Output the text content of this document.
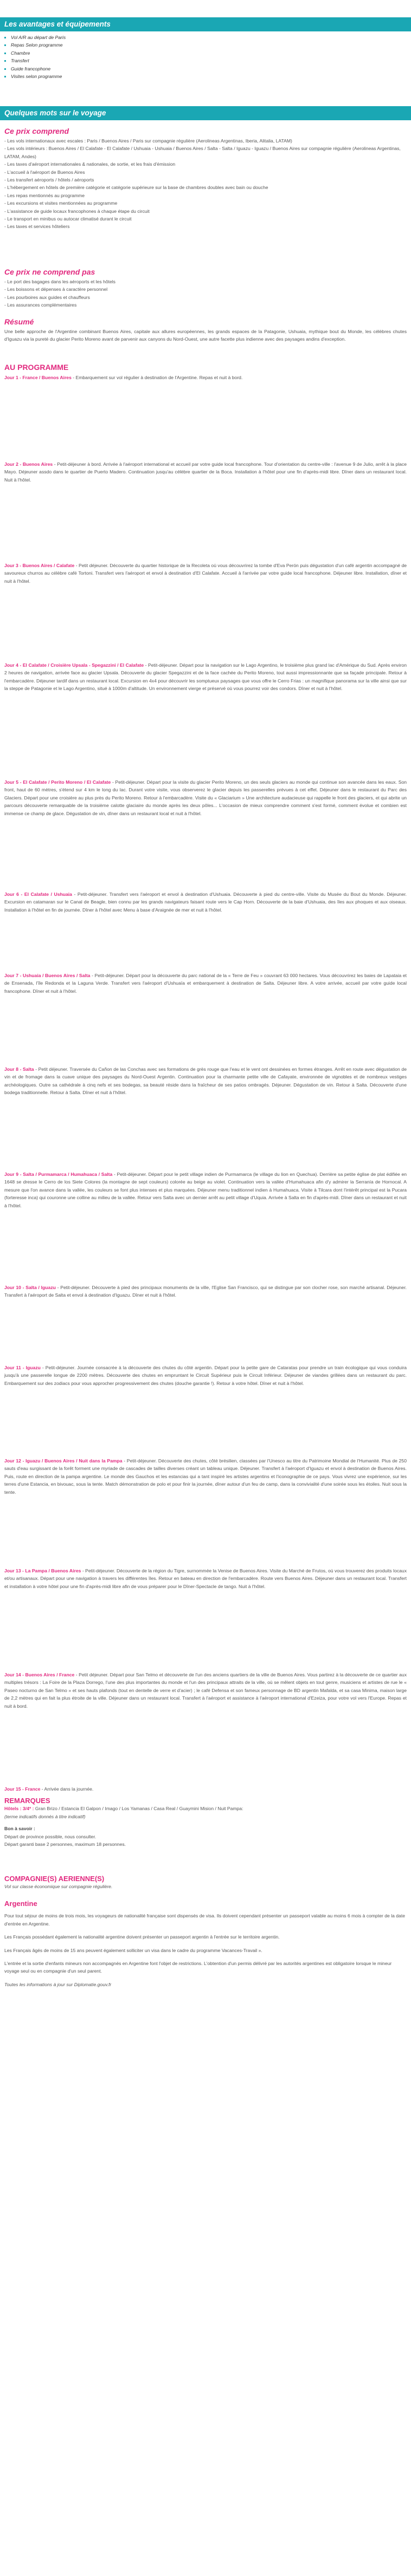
Les avantages et équipements
▪ Vol A/R au départ de Paris
▪ Repas Selon programme
▪ Chambre
▪ Transfert
▪ Guide francophone
▪ Visites selon programme
Quelques mots sur le voyage
Ce prix comprend
- Les vols internationaux avec escales : Paris / Buenos Aires / Paris sur compagnie régulière (Aerolineas Argentinas, Iberia, Alitalia, LATAM)
- Les vols intérieurs : Buenos Aires / El Calafate - El Calafate / Ushuaia - Ushuaia / Buenos Aires / Salta - Salta / Iguazu - Iguazu / Buenos Aires sur compagnie régulière (Aerolineas Argentinas, LATAM, Andes)
- Les taxes d'aéroport internationales & nationales, de sortie, et les frais d'émission
- L'accueil à l'aéroport de Buenos Aires
- Les transfert aéroports / hôtels / aéroports
- L'hébergement en hôtels de première catégorie et catégorie supérieure sur la base de chambres doubles avec bain ou douche
- Les repas mentionnés au programme
- Les excursions et visites mentionnées au programme
- L'assistance de guide locaux francophones à chaque étape du circuit
- Le transport en minibus ou autocar climatisé durant le circuit
- Les taxes et services hôteliers
Ce prix ne comprend pas
- Le port des bagages dans les aéroports et les hôtels
- Les boissons et dépenses à caractère personnel
- Les pourboires aux guides et chauffeurs
- Les assurances complémentaires
Résumé

Une belle approche de l'Argentine combinant Buenos Aires, capitale aux allures européennes, les grands espaces de la Patagonie, Ushuaia, mythique bout du Monde, les célèbres chutes d'Iguazu via la pureté du glacier Perito Moreno avant de parvenir aux canyons du Nord-Ouest, une autre facette plus indienne avec des paysages andins d'exception.

AU PROGRAMME
Jour 1 - France / Buenos Aires - Embarquement sur vol régulier à destination de l'Argentine. Repas et nuit à bord.
Jour 2 - Buenos Aires - Petit-déjeuner à bord. Arrivée à l'aéroport international et accueil par votre guide local francophone. Tour d'orientation du centre-ville : l'avenue 9 de Julio, arrêt à la place Mayo. Déjeuner assdo dans le quartier de Puerto Madero. Continuation jusqu'au célèbre quartier de la Boca. Installation à l'hôtel pour une fin d'après-midi libre. Dîner dans un restaurant local. Nuit à l'hôtel.
Jour 3 - Buenos Aires / Calafate - Petit déjeuner. Découverte du quartier historique de la Recoleta où vous découvrirez la tombe d'Eva Perón puis dégustation d'un café argentin accompagné de savoureux churros au célèbre café Tortoni. Transfert vers l'aéroport et envol à destination d'El Calafate. Accueil à l'arrivée par votre guide local francophone. Déjeuner libre. Installation, dîner et nuit à l'hôtel.
Jour 4 - El Calafate / Croisière Upsala - Spegazzini / El Calafate - Petit-déjeuner. Départ pour la navigation sur le Lago Argentino, le troisième plus grand lac d'Amérique du Sud. Après environ 2 heures de navigation, arrivée face au glacier Upsala. Découverte du glacier Spegazzini et de la face cachée du Perito Moreno, tout aussi impressionnante que sa façade principale. Retour à l'embarcadère. Déjeuner tardif dans un restaurant local. Excursion en 4x4 pour découvrir les somptueux paysages que vous offre le Cerro Frias : un magnifique panorama sur la ville ainsi que sur la steppe de Patagonie et le Lago Argentino, situé à 1000m d'altitude. Un environnement vierge et préservé où vous pourrez voir des condors. Dîner et nuit à l'hôtel.
Jour 5 - El Calafate / Perito Moreno / El Calafate - Petit-déjeuner. Départ pour la visite du glacier Perito Moreno, un des seuls glaciers au monde qui continue son avancée dans les eaux. Son front, haut de 60 mètres, s'étend sur 4 km le long du lac. Durant votre visite, vous observerez le glacier depuis les passerelles prévues à cet effet. Déjeuner dans le restaurant du Parc des Glaciers. Départ pour une croisière au plus près du Perito Moreno. Retour à l'embarcadère. Visite du « Glaciarium » Une architecture audacieuse qui rappelle le front des glaciers, et qui abrite un parcours découverte remarquable de la troisième calotte glaciaire du monde après les deux pôles... L'occasion de mieux comprendre comment s'est formé, comment évolue et combien est immense ce champ de glace. Dégustation de vin, dîner dans un restaurant local et nuit à l'hôtel.
Jour 6 - El Calafate / Ushuaia - Petit-déjeuner. Transfert vers l'aéroport et envol à destination d'Ushuaia. Découverte à pied du centre-ville. Visite du Musée du Bout du Monde. Déjeuner. Excursion en catamaran sur le Canal de Beagle, bien connu par les grands navigateurs faisant route vers le Cap Horn. Découverte de la baie d'Ushuaia, des îles aux phoques et aux oiseaux. Installation à l'hôtel en fin de journée. Dîner à l'hôtel avec Menu à base d'Araignée de mer et nuit à l'hôtel.
Jour 7 - Ushuaia / Buenos Aires / Salta - Petit-déjeuner. Départ pour la découverte du parc national de la « Terre de Feu » couvrant 63 000 hectares. Vous découvrirez les baies de Lapataia et de Ensenada, l'île Redonda et la Laguna Verde. Transfert vers l'aéroport d'Ushuaïa et embarquement à destination de Salta. Déjeuner libre. A votre arrivée, accueil par votre guide local francophone. Dîner et nuit à l'hôtel.
Jour 8 - Salta - Petit déjeuner. Traversée du Cañon de las Conchas avec ses formations de grès rouge que l'eau et le vent ont dessinées en formes étranges. Arrêt en route avec dégustation de vin et de fromage dans la cuave unique des paysages du Nord-Ouest Argentin. Continuation pour la charmante petite ville de Cafayate, environnée de vignobles et de nombreux vestiges archéologiques. Outre sa cathédrale à cinq nefs et ses bodegas, sa beauté réside dans la fraîcheur de ses patios ombragés. Déjeuner. Dégustation de vin. Retour à Salta. Découverte d'une bodega traditionnelle. Retour à Salta. Dîner et nuit à l'hôtel.
Jour 9 - Salta / Purmamarca / Humahuaca / Salta - Petit-déjeuner. Départ pour le petit village indien de Purmamarca (le village du lion en Quechua). Derrière sa petite église de plat édifiée en 1648 se dresse le Cerro de los Siete Colores (la montagne de sept couleurs) colorée au beige au violet. Continuation vers la vallée d'Humahuaca afin d'y admirer la Serranía de Hornocal. A mesure que l'on avance dans la vallée, les couleurs se font plus intenses et plus marquées. Déjeuner menu traditionnel indien à Humahuaca. Visite à Tilcara dont l'intérêt principal est la Pucara (forteresse inca) qui couronne une colline au milieu de la vallée. Retour vers Salta avec un dernier arrêt au petit village d'Uquia. Arrivée à Salta en fin d'après-midi. Dîner dans un restaurant et nuit à l'hôtel.
Jour 10 - Salta / Iguazu - Petit-déjeuner. Découverte à pied des principaux monuments de la ville, l'Eglise San Francisco, qui se distingue par son clocher rose, son marché artisanal. Déjeuner. Transfert à l'aéroport de Salta et envol à destination d'Iguazu. Dîner et nuit à l'hôtel.
Jour 11 - Iguazu - Petit-déjeuner. Journée consacrée à la découverte des chutes du côté argentin. Départ pour la petite gare de Cataratas pour prendre un train écologique qui vous conduira jusqu'à une passerelle longue de 2200 mètres. Découverte des chutes en empruntant le Circuit Supérieur puis le Circuit Inférieur. Déjeuner de viandes grillées dans un restaurant du parc. Embarquement sur des zodiacs pour vous approcher progressivement des chutes (douche garantie !). Retour à votre hôtel. Dîner et nuit à l'hôtel.
Jour 12 - Iguazu / Buenos Aires / Nuit dans la Pampa - Petit-déjeuner. Découverte des chutes, côté brésilien, classées par l'Unesco au titre du Patrimoine Mondial de l'Humanité. Plus de 250 sauts d'eau surgissant de la forêt forment une myriade de cascades de tailles diverses créant un tableau unique. Déjeuner. Transfert à l'aéroport d'Iguazu et envol à destination de Buenos Aires. Puis, route en direction de la pampa argentine. Le monde des Gauchos et les estancias qui a tant inspiré les artistes argentins et l'iconographie de ce pays. Vous vivrez une expérience, sur les terres d'une Estancia, en bivouac, sous la tente. Match démonstration de polo et pour finir la journée, dîner autour d'un feu de camp, dans la convivialité d'une soirée sous les étoiles. Nuit sous la tente.
Jour 13 - La Pampa / Buenos Aires - Petit-déjeuner. Découverte de la région du Tigre, surnommée la Venise de Buenos Aires. Visite du Marché de Frutos, où vous trouverez des produits locaux et/ou artisanaux. Départ pour une navigation à travers les différentes îles. Retour en bateau en direction de l'embarcadère. Route vers Buenos Aires. Déjeuner dans un restaurant local. Transfert et installation à votre hôtel pour une fin d'après-midi libre afin de vous préparer pour le Dîner-Spectacle de tango. Nuit à l'hôtel.
Jour 14 - Buenos Aires / France - Petit déjeuner. Départ pour San Telmo et découverte de l'un des anciens quartiers de la ville de Buenos Aires. Vous partirez à la découverte de ce quartier aux multiples trésors : La Foire de la Plaza Dorrego, l'une des plus importantes du monde et l'un des principaux attraits de la ville, où se mêlent objets en tout genre, musiciens et artistes de rue le « Paseo nocturno de San Telmo » et ses hauts plafonds (tout en dentelle de verre et d'acier) ; le café Defensa et son fameux personnage de BD argentin Mafalda, et sa casa Minima, maison large de 2,2 mètres qui en fait la plus étroite de la ville. Déjeuner dans un restaurant local. Transfert à l'aéroport et assistance à l'aéroport international d'Ezeiza, pour votre vol vers l'Europe. Repas et nuit à bord.
Jour 15 - France - Arrivée dans la journée.
REMARQUES
Hôtels : 3/4* : Gran Brizo / Estancia El Galpon / Imago / Los Yamanas / Casa Real / Guaymini Mision / Nuit Pampa:
(terme indicatifs donnés à titre indicatif)
Bon à savoir :
Départ de province possible, nous consulter.
Départ garanti base 2 personnes, maximum 18 personnes.
COMPAGNIE(S) AERIENNE(S)
Vol sur classe économique sur compagnie régulière.
Argentine

Pour tout séjour de moins de trois mois, les voyageurs de nationalité française sont dispensés de visa. Ils doivent cependant présenter un passeport valable au moins 6 mois à compter de la date d'entrée en Argentine.

Les Français possédant également la nationalité argentine doivent présenter un passeport argentin à l'entrée sur le territoire argentin.

Les Français âgés de moins de 15 ans peuvent également solliciter un visa dans le cadre du programme Vacances-Travail ».

L'entrée et la sortie d'enfants mineurs non accompagnés en Argentine font l'objet de restrictions. L'obtention d'un permis délivré par les autorités argentines est obligatoire lorsque le mineur voyage seul ou en compagnie d'un seul parent.

Toutes les informations à jour sur Diplomatie.gouv.fr
